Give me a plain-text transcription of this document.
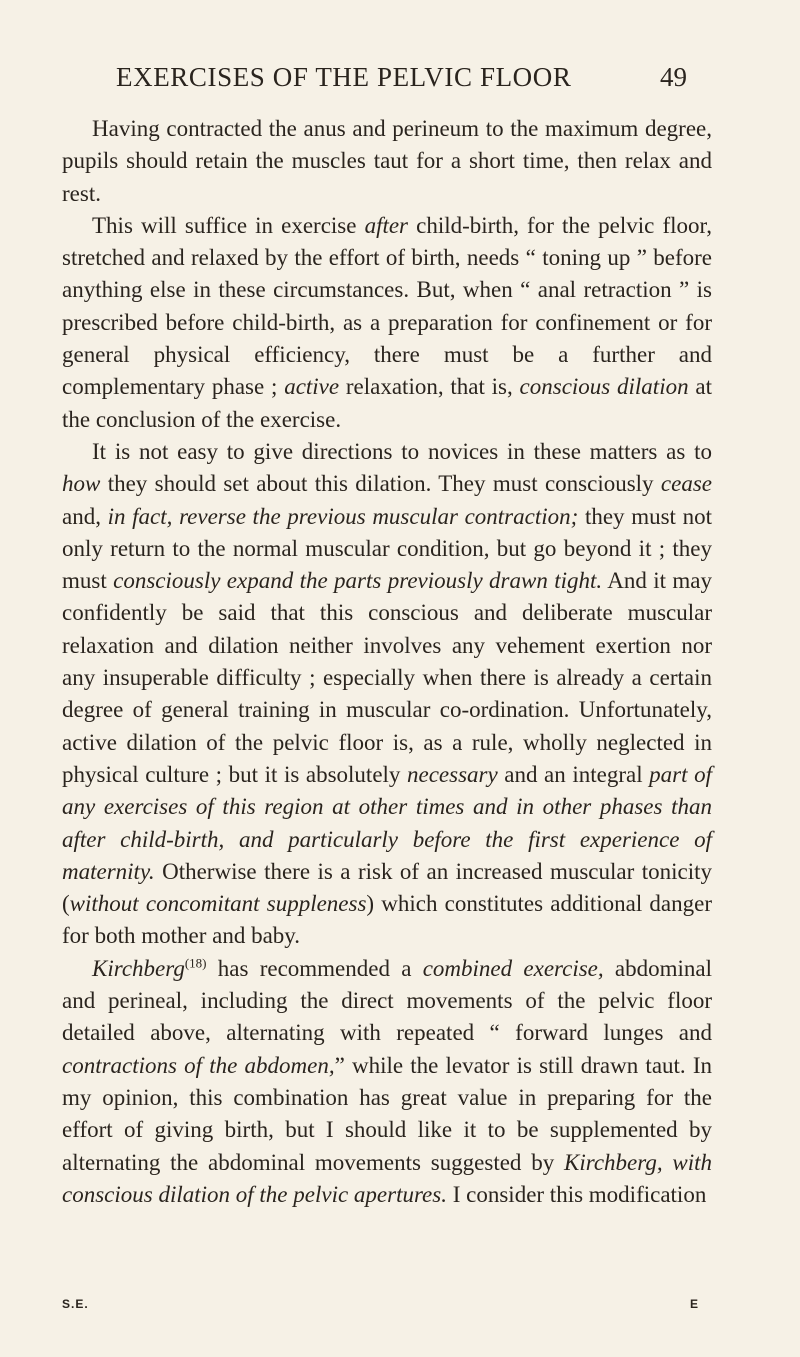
EXERCISES OF THE PELVIC FLOOR	49

Having contracted the anus and perineum to the maximum degree, pupils should retain the muscles taut for a short time, then relax and rest.

This will suffice in exercise after child-birth, for the pelvic floor, stretched and relaxed by the effort of birth, needs “ toning up ” before anything else in these circumstances. But, when “ anal retraction ” is prescribed before child-birth, as a preparation for confinement or for general physical efficiency, there must be a further and complementary phase ; active relaxation, that is, conscious dilation at the conclusion of the exercise.

It is not easy to give directions to novices in these matters as to how they should set about this dilation. They must consciously cease and, in fact, reverse the previous muscular contraction; they must not only return to the normal muscular condition, but go beyond it ; they must consciously expand the parts previously drawn tight. And it may confidently be said that this conscious and deliberate muscular relaxation and dilation neither involves any vehement exertion nor any insuperable difficulty ; especially when there is already a certain degree of general training in muscular co-ordination. Unfortunately, active dilation of the pelvic floor is, as a rule, wholly neglected in physical culture ; but it is absolutely necessary and an integral part of any exercises of this region at other times and in other phases than after child-birth, and particularly before the first experience of maternity. Otherwise there is a risk of an increased muscular tonicity (without concomitant suppleness) which constitutes additional danger for both mother and baby.

Kirchberg$^{(18)}$ has recommended a combined exercise, abdominal and perineal, including the direct movements of the pelvic floor detailed above, alternating with repeated “ forward lunges and contractions of the abdomen,” while the levator is still drawn taut. In my opinion, this combination has great value in preparing for the effort of giving birth, but I should like it to be supplemented by alternating the abdominal movements suggested by Kirchberg, with conscious dilation of the pelvic apertures. I consider this modification

S.E.	E
